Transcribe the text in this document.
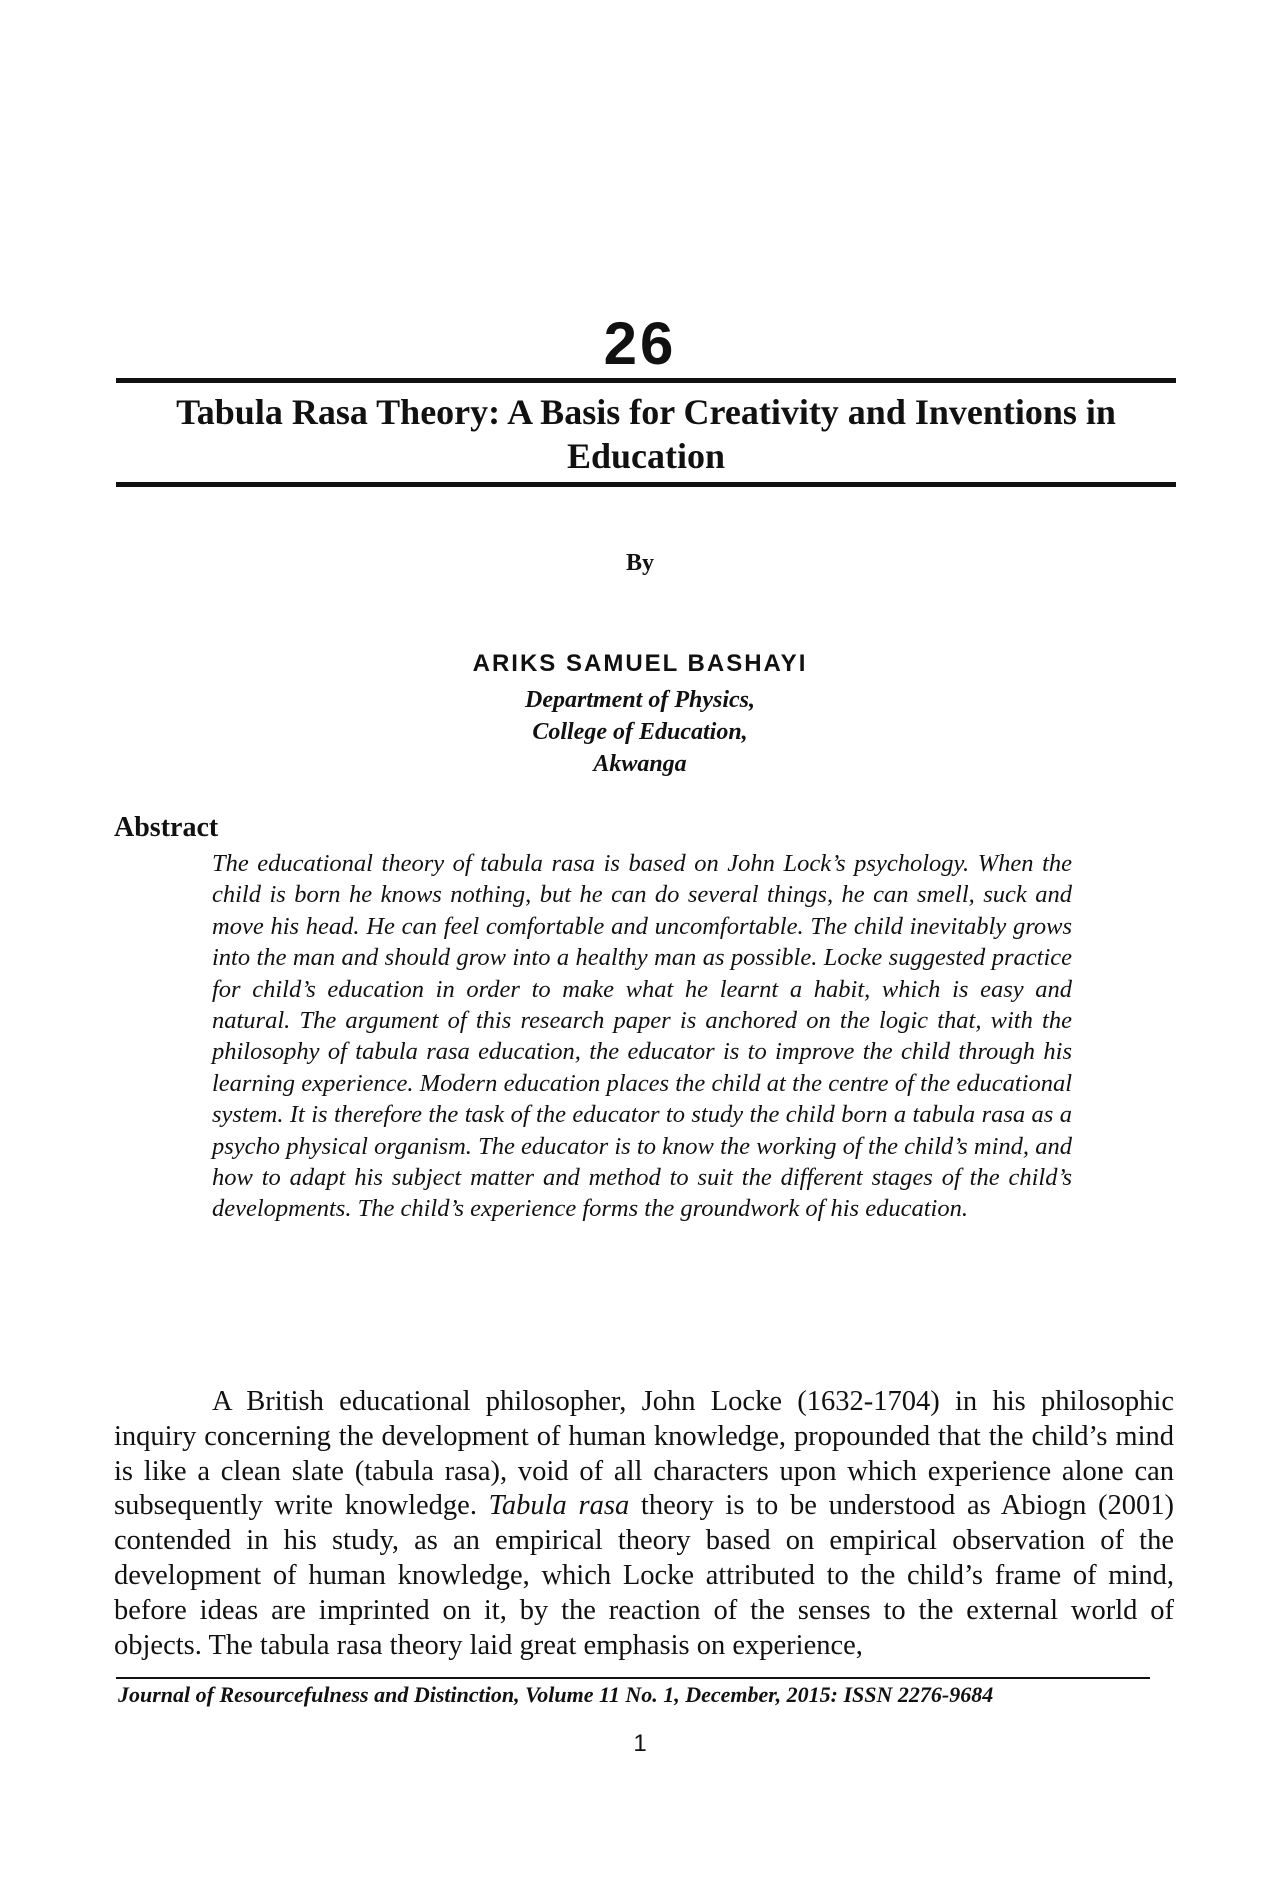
26
Tabula Rasa Theory: A Basis for Creativity and Inventions in Education
By
ARIKS SAMUEL BASHAYI
Department of Physics,
College of Education,
Akwanga
Abstract
The educational theory of tabula rasa is based on John Lock’s psychology. When the child is born he knows nothing, but he can do several things, he can smell, suck and move his head. He can feel comfortable and uncomfortable. The child inevitably grows into the man and should grow into a healthy man as possible. Locke suggested practice for child’s education in order to make what he learnt a habit, which is easy and natural. The argument of this research paper is anchored on the logic that, with the philosophy of tabula rasa education, the educator is to improve the child through his learning experience. Modern education places the child at the centre of the educational system. It is therefore the task of the educator to study the child born a tabula rasa as a psycho physical organism. The educator is to know the working of the child’s mind, and how to adapt his subject matter and method to suit the different stages of the child’s developments. The child’s experience forms the groundwork of his education.
A British educational philosopher, John Locke (1632-1704) in his philosophic inquiry concerning the development of human knowledge, propounded that the child’s mind is like a clean slate (tabula rasa), void of all characters upon which experience alone can subsequently write knowledge. Tabula rasa theory is to be understood as Abiogn (2001) contended in his study, as an empirical theory based on empirical observation of the development of human knowledge, which Locke attributed to the child’s frame of mind, before ideas are imprinted on it, by the reaction of the senses to the external world of objects. The tabula rasa theory laid great emphasis on experience,
Journal of Resourcefulness and Distinction, Volume 11 No. 1, December, 2015: ISSN 2276-9684
1
